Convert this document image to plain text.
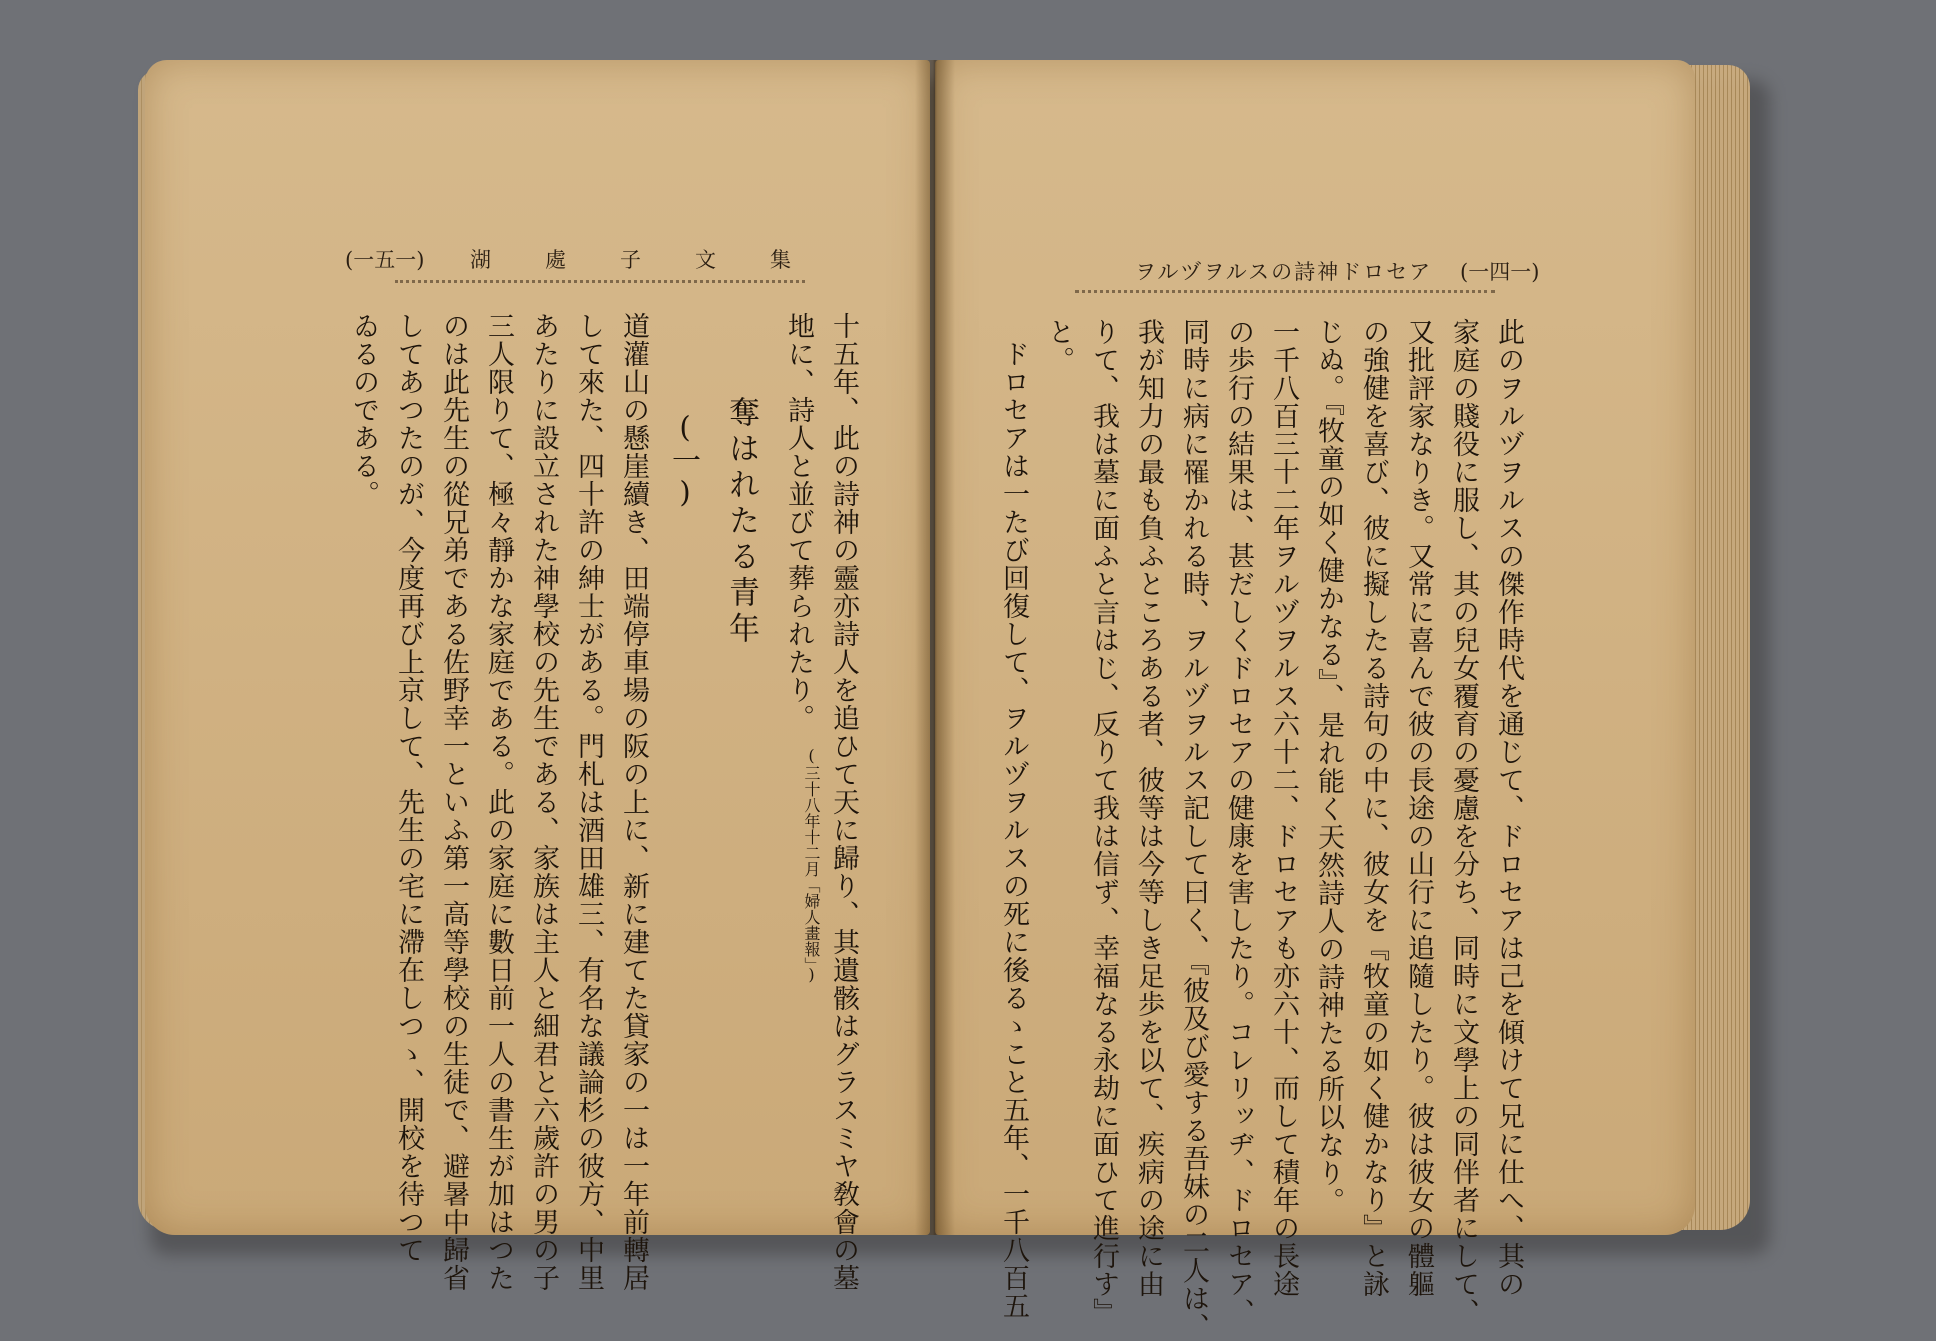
(一五一) 湖處子文集	ヲルヅヲルスの詩神ドロセア (一四一)
此のヲルヅヲルスの傑作時代を通じて、ドロセアは己を傾けて兄に仕へ、其の
家庭の賤役に服し、其の兒女覆育の憂慮を分ち、同時に文學上の同伴者にして、
又批評家なりき。又常に喜んで彼の長途の山行に追隨したり。彼は彼女の體軀
の強健を喜び、彼に擬したる詩句の中に、彼女を『牧童の如く健かなり』と詠
じぬ。『牧童の如く健かなる』、是れ能く天然詩人の詩神たる所以なり。
一千八百三十二年ヲルヅヲルス六十二、ドロセアも亦六十、而して積年の長途
の歩行の結果は、甚だしくドロセアの健康を害したり。コレリッヂ、ドロセア、
同時に病に罹かれる時、ヲルヅヲルス記して曰く、『彼及び愛する吾妹の二人は、
我が知力の最も負ふところある者、彼等は今等しき足歩を以て、疾病の途に由
りて、我は墓に面ふと言はじ、反りて我は信ず、幸福なる永劫に面ひて進行す』
と。
ドロセアは一たび回復して、ヲルヅヲルスの死に後るゝこと五年、一千八百五
十五年、此の詩神の靈亦詩人を追ひて天に歸り、其遺骸はグラスミヤ敎會の墓
地に、詩人と並びて葬られたり。
(三十八年十二月「婦人畫報」)
奪はれたる青年
(一)
道灌山の懸崖續き、田端停車場の阪の上に、新に建てた貸家の一は一年前轉居
して來た、四十許の紳士がある。門札は酒田雄三、有名な議論杉の彼方、中里
あたりに設立された神學校の先生である、家族は主人と細君と六歲許の男の子
三人限りて、極々靜かな家庭である。此の家庭に數日前一人の書生が加はつた
のは此先生の從兄弟である佐野幸一といふ第一高等學校の生徒で、避暑中歸省
してあつたのが、今度再び上京して、先生の宅に滯在しつゝ、開校を待つて
ゐるのである。
